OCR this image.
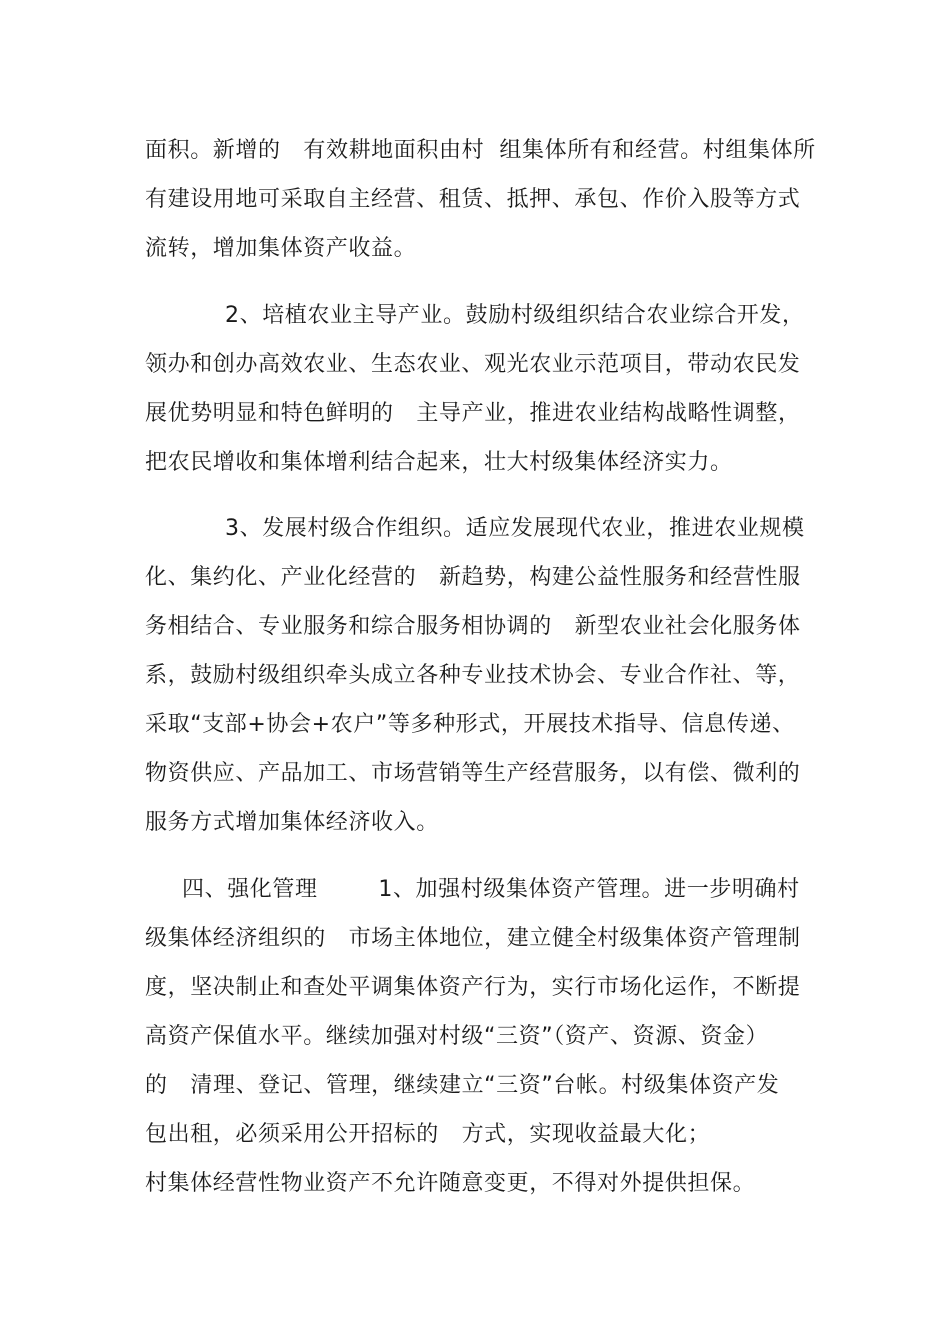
面积。新增的   有效耕地面积由村  组集体所有和经营。村组集体所
有建设用地可采取自主经营、租赁、抵押、承包、作价入股等方式
流转，增加集体资产收益。
2、培植农业主导产业。鼓励村级组织结合农业综合开发，
领办和创办高效农业、生态农业、观光农业示范项目，带动农民发
展优势明显和特色鲜明的   主导产业，推进农业结构战略性调整，
把农民增收和集体增利结合起来，壮大村级集体经济实力。
3、发展村级合作组织。适应发展现代农业，推进农业规模
化、集约化、产业化经营的   新趋势，构建公益性服务和经营性服
务相结合、专业服务和综合服务相协调的   新型农业社会化服务体
系，鼓励村级组织牵头成立各种专业技术协会、专业合作社、等，
采取“支部+协会+农户”等多种形式，开展技术指导、信息传递、
物资供应、产品加工、市场营销等生产经营服务，以有偿、微利的
服务方式增加集体经济收入。
四、强化管理        1、加强村级集体资产管理。进一步明确村
级集体经济组织的   市场主体地位，建立健全村级集体资产管理制
度，坚决制止和查处平调集体资产行为，实行市场化运作，不断提
高资产保值水平。继续加强对村级“三资”（资产、资源、资金）
的   清理、登记、管理，继续建立“三资”台帐。村级集体资产发
包出租，必须采用公开招标的   方式，实现收益最大化；
村集体经营性物业资产不允许随意变更，不得对外提供担保。
